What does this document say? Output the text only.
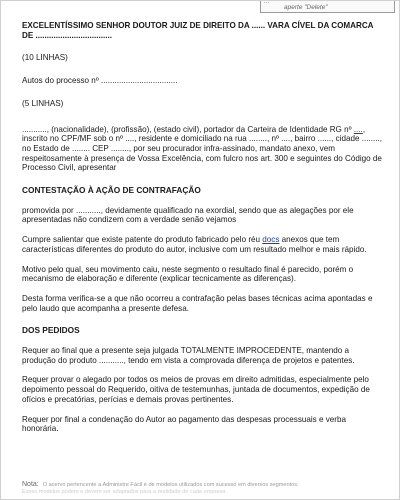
...
aperte "Delete"

EXCELENTÍSSIMO SENHOR DOUTOR JUIZ DE DIREITO DA ...... VARA CÍVEL DA COMARCA DE ..................................

(10 LINHAS)

Autos do processo nº ..................................

(5 LINHAS)

..........., (nacionalidade), (profissão), (estado civil), portador da Carteira de Identidade RG nº ...., inscrito no CPF/MF sob o nº ...., residente e domiciliado na rua ........, nº ...., bairro ......, cidade ........, no Estado de ........ CEP ........, por seu procurador infra-assinado, mandato anexo, vem respeitosamente à presença de Vossa Excelência, com fulcro nos art. 300 e seguintes do Código de Processo Civil, apresentar

CONTESTAÇÃO À AÇÃO DE CONTRAFAÇÃO

promovida por ..........., devidamente qualificado na exordial, sendo que as alegações por ele apresentadas não condizem com a verdade senão vejamos

Cumpre salientar que existe patente do produto fabricado pelo réu docs anexos que tem características diferentes do produto do autor, inclusive com um resultado melhor e mais rápido.

Motivo pelo qual, seu movimento caiu, neste segmento o resultado final é parecido, porém o mecanismo de elaboração e diferente (explicar tecnicamente as diferenças).

Desta forma verifica-se a que não ocorreu a contrafação pelas bases técnicas acima apontadas e pelo laudo que acompanha a presente defesa.

DOS PEDIDOS

Requer ao final que a presente seja julgada TOTALMENTE IMPROCEDENTE, mantendo a produção do produto ..........., tendo em vista a comprovada diferença de projetos e patentes.

Requer provar o alegado por todos os meios de provas em direito admitidas, especialmente pelo depoimento pessoal do Requerido, oitiva de testemunhas, juntada de documentos, expedição de ofícios e precatórias, perícias e demais provas pertinentes.

Requer por final a condenação do Autor ao pagamento das despesas processuais e verba honorária.

Nota: O acervo pertencente a Administre Fácil é de modelos utilizados com sucesso em diversos segmentos.
Esses modelos podem e devem ser adaptados para a realidade de cada empresa.
